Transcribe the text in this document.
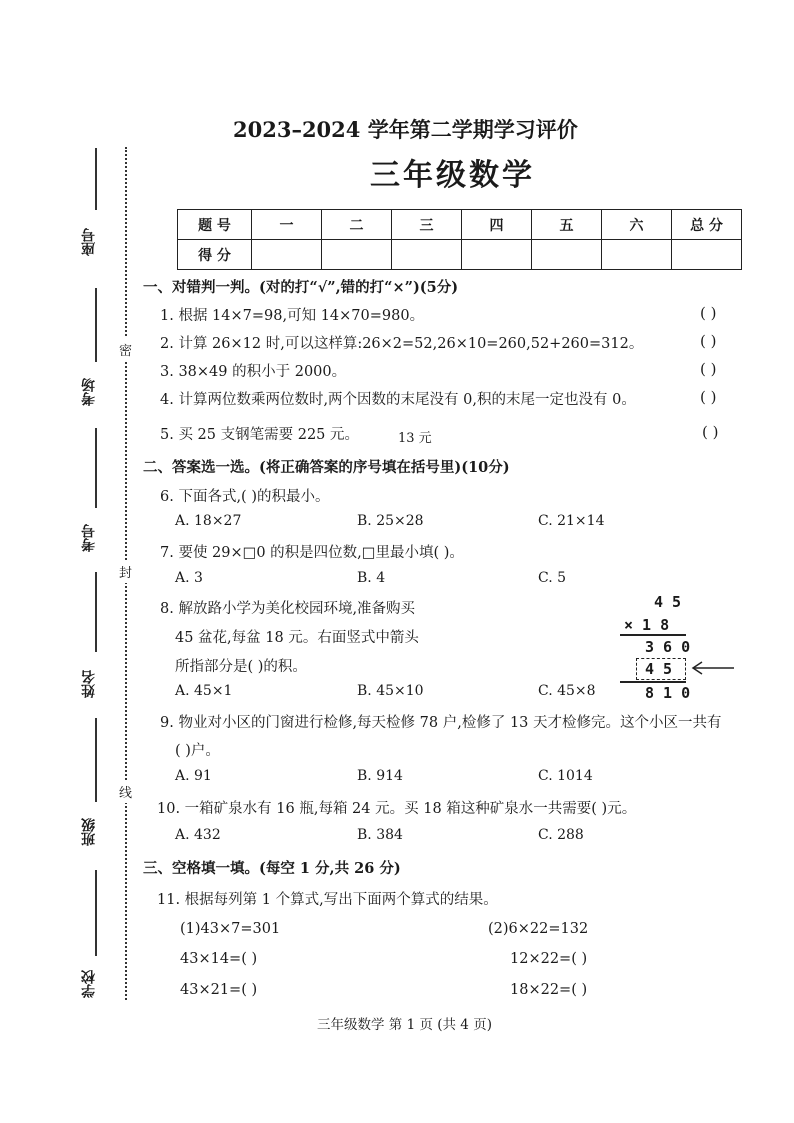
座号
考场
考号
姓名
班级
学校
密
封
线
2023–2024 学年第二学期学习评价
三年级数学
题 号	一	二	三	四	五	六	总 分
得 分							
一、对错判一判。(对的打“√”,错的打“×”)(5分)
1. 根据 14×7=98,可知 14×70=980。	( )
2. 计算 26×12 时,可以这样算:26×2=52,26×10=260,52+260=312。	( )
3. 38×49 的积小于 2000。	( )
4. 计算两位数乘两位数时,两个因数的末尾没有 0,积的末尾一定也没有 0。	( )
5. 买 25 支钢笔需要 225 元。	13 元	( )
二、答案选一选。(将正确答案的序号填在括号里)(10分)
6. 下面各式,( )的积最小。
A. 18×27	B. 25×28	C. 21×14
7. 要使 29×□0 的积是四位数,□里最小填( )。
A. 3	B. 4	C. 5
8. 解放路小学为美化校园环境,准备购买
45 盆花,每盆 18 元。右面竖式中箭头
所指部分是( )的积。
A. 45×1	B. 45×10	C. 45×8
4 5
× 1 8
3 6 0
4 5
8 1 0
9. 物业对小区的门窗进行检修,每天检修 78 户,检修了 13 天才检修完。这个小区一共有
( )户。
A. 91	B. 914	C. 1014
10. 一箱矿泉水有 16 瓶,每箱 24 元。买 18 箱这种矿泉水一共需要( )元。
A. 432	B. 384	C. 288
三、空格填一填。(每空 1 分,共 26 分)
11. 根据每列第 1 个算式,写出下面两个算式的结果。
(1)43×7=301
43×14=( )
43×21=( )
(2)6×22=132
12×22=( )
18×22=( )
三年级数学 第 1 页 (共 4 页)
